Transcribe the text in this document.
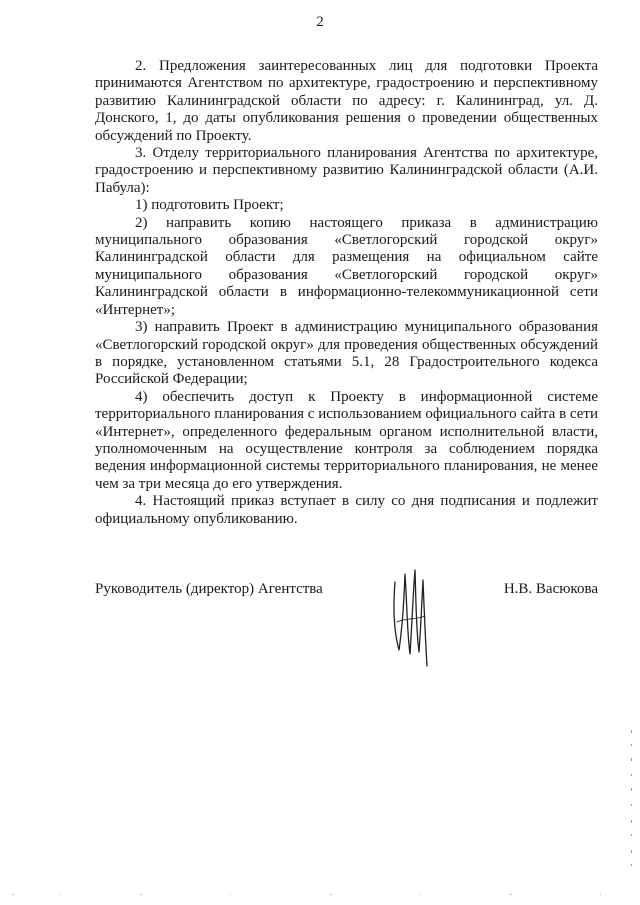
2

2. Предложения заинтересованных лиц для подготовки Проекта принимаются Агентством по архитектуре, градостроению и перспективному развитию Калининградской области по адресу: г. Калининград, ул. Д. Донского, 1, до даты опубликования решения о проведении общественных обсуждений по Проекту.

3. Отделу территориального планирования Агентства по архитектуре, градостроению и перспективному развитию Калининградской области (А.И. Пабула):

1) подготовить Проект;

2) направить копию настоящего приказа в администрацию муниципального образования «Светлогорский городской округ» Калининградской области для размещения на официальном сайте муниципального образования «Светлогорский городской округ» Калининградской области в информационно-телекоммуникационной сети «Интернет»;

3) направить Проект в администрацию муниципального образования «Светлогорский городской округ» для проведения общественных обсуждений в порядке, установленном статьями 5.1, 28 Градостроительного кодекса Российской Федерации;

4) обеспечить доступ к Проекту в информационной системе территориального планирования с использованием официального сайта в сети «Интернет», определенного федеральным органом исполнительной власти, уполномоченным на осуществление контроля за соблюдением порядка ведения информационной системы территориального планирования, не менее чем за три месяца до его утверждения.

4. Настоящий приказ вступает в силу со дня подписания и подлежит официальному опубликованию.

Руководитель (директор) Агентства	Н.В. Васюкова
